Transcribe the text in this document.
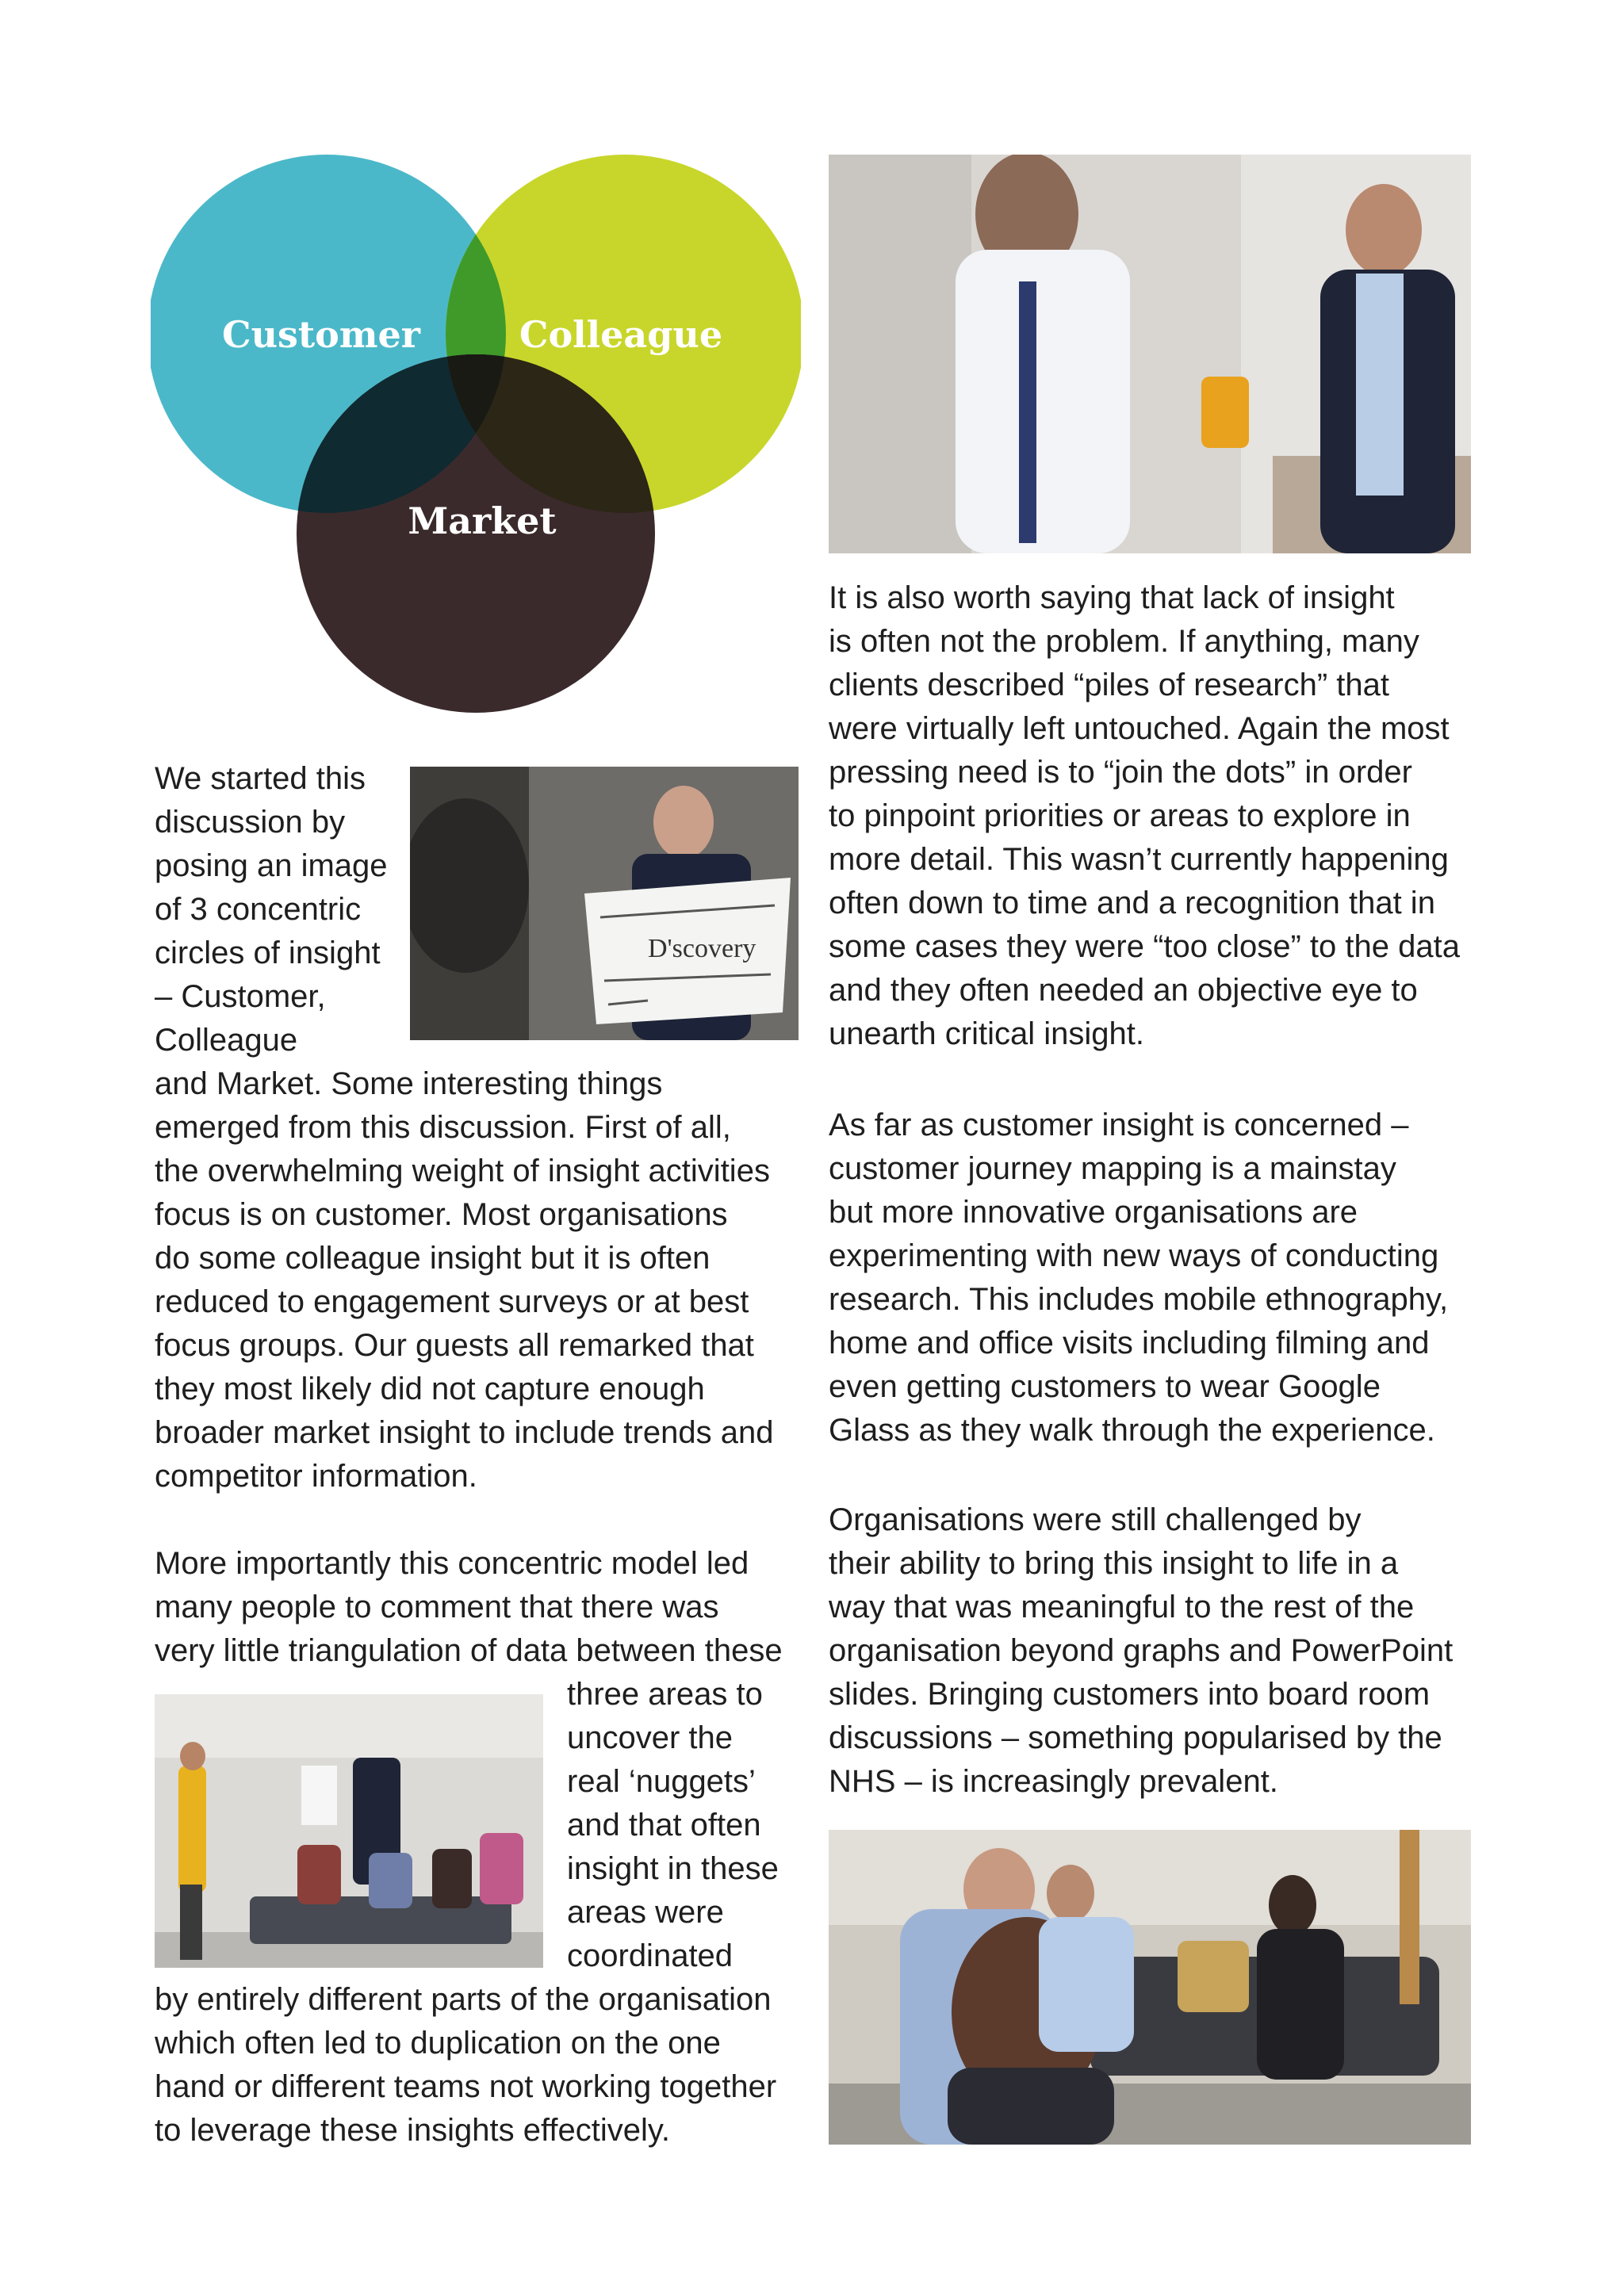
Customer	Colleague
Market

We started this

discussion by

posing an image

of 3 concentric

circles of insight

– Customer,

Colleague

D'scovery

and Market. Some interesting things

emerged from this discussion. First of all,

the overwhelming weight of insight activities

focus is on customer. Most organisations

do some colleague insight but it is often

reduced to engagement surveys or at best

focus groups. Our guests all remarked that

they most likely did not capture enough

broader market insight to include trends and

competitor information.

More importantly this concentric model led

many people to comment that there was

very little triangulation of data between these

three areas to

uncover the

real ‘nuggets’

and that often

insight in these

areas were

coordinated

by entirely different parts of the organisation

which often led to duplication on the one

hand or different teams not working together

to leverage these insights effectively.

It is also worth saying that lack of insight

is often not the problem. If anything, many

clients described “piles of research” that

were virtually left untouched. Again the most

pressing need is to “join the dots” in order

to pinpoint priorities or areas to explore in

more detail. This wasn’t currently happening

often down to time and a recognition that in

some cases they were “too close” to the data

and they often needed an objective eye to

unearth critical insight.

As far as customer insight is concerned –

customer journey mapping is a mainstay

but more innovative organisations are

experimenting with new ways of conducting

research. This includes mobile ethnography,

home and office visits including filming and

even getting customers to wear Google

Glass as they walk through the experience.

Organisations were still challenged by

their ability to bring this insight to life in a

way that was meaningful to the rest of the

organisation beyond graphs and PowerPoint

slides. Bringing customers into board room

discussions – something popularised by the

NHS – is increasingly prevalent.
